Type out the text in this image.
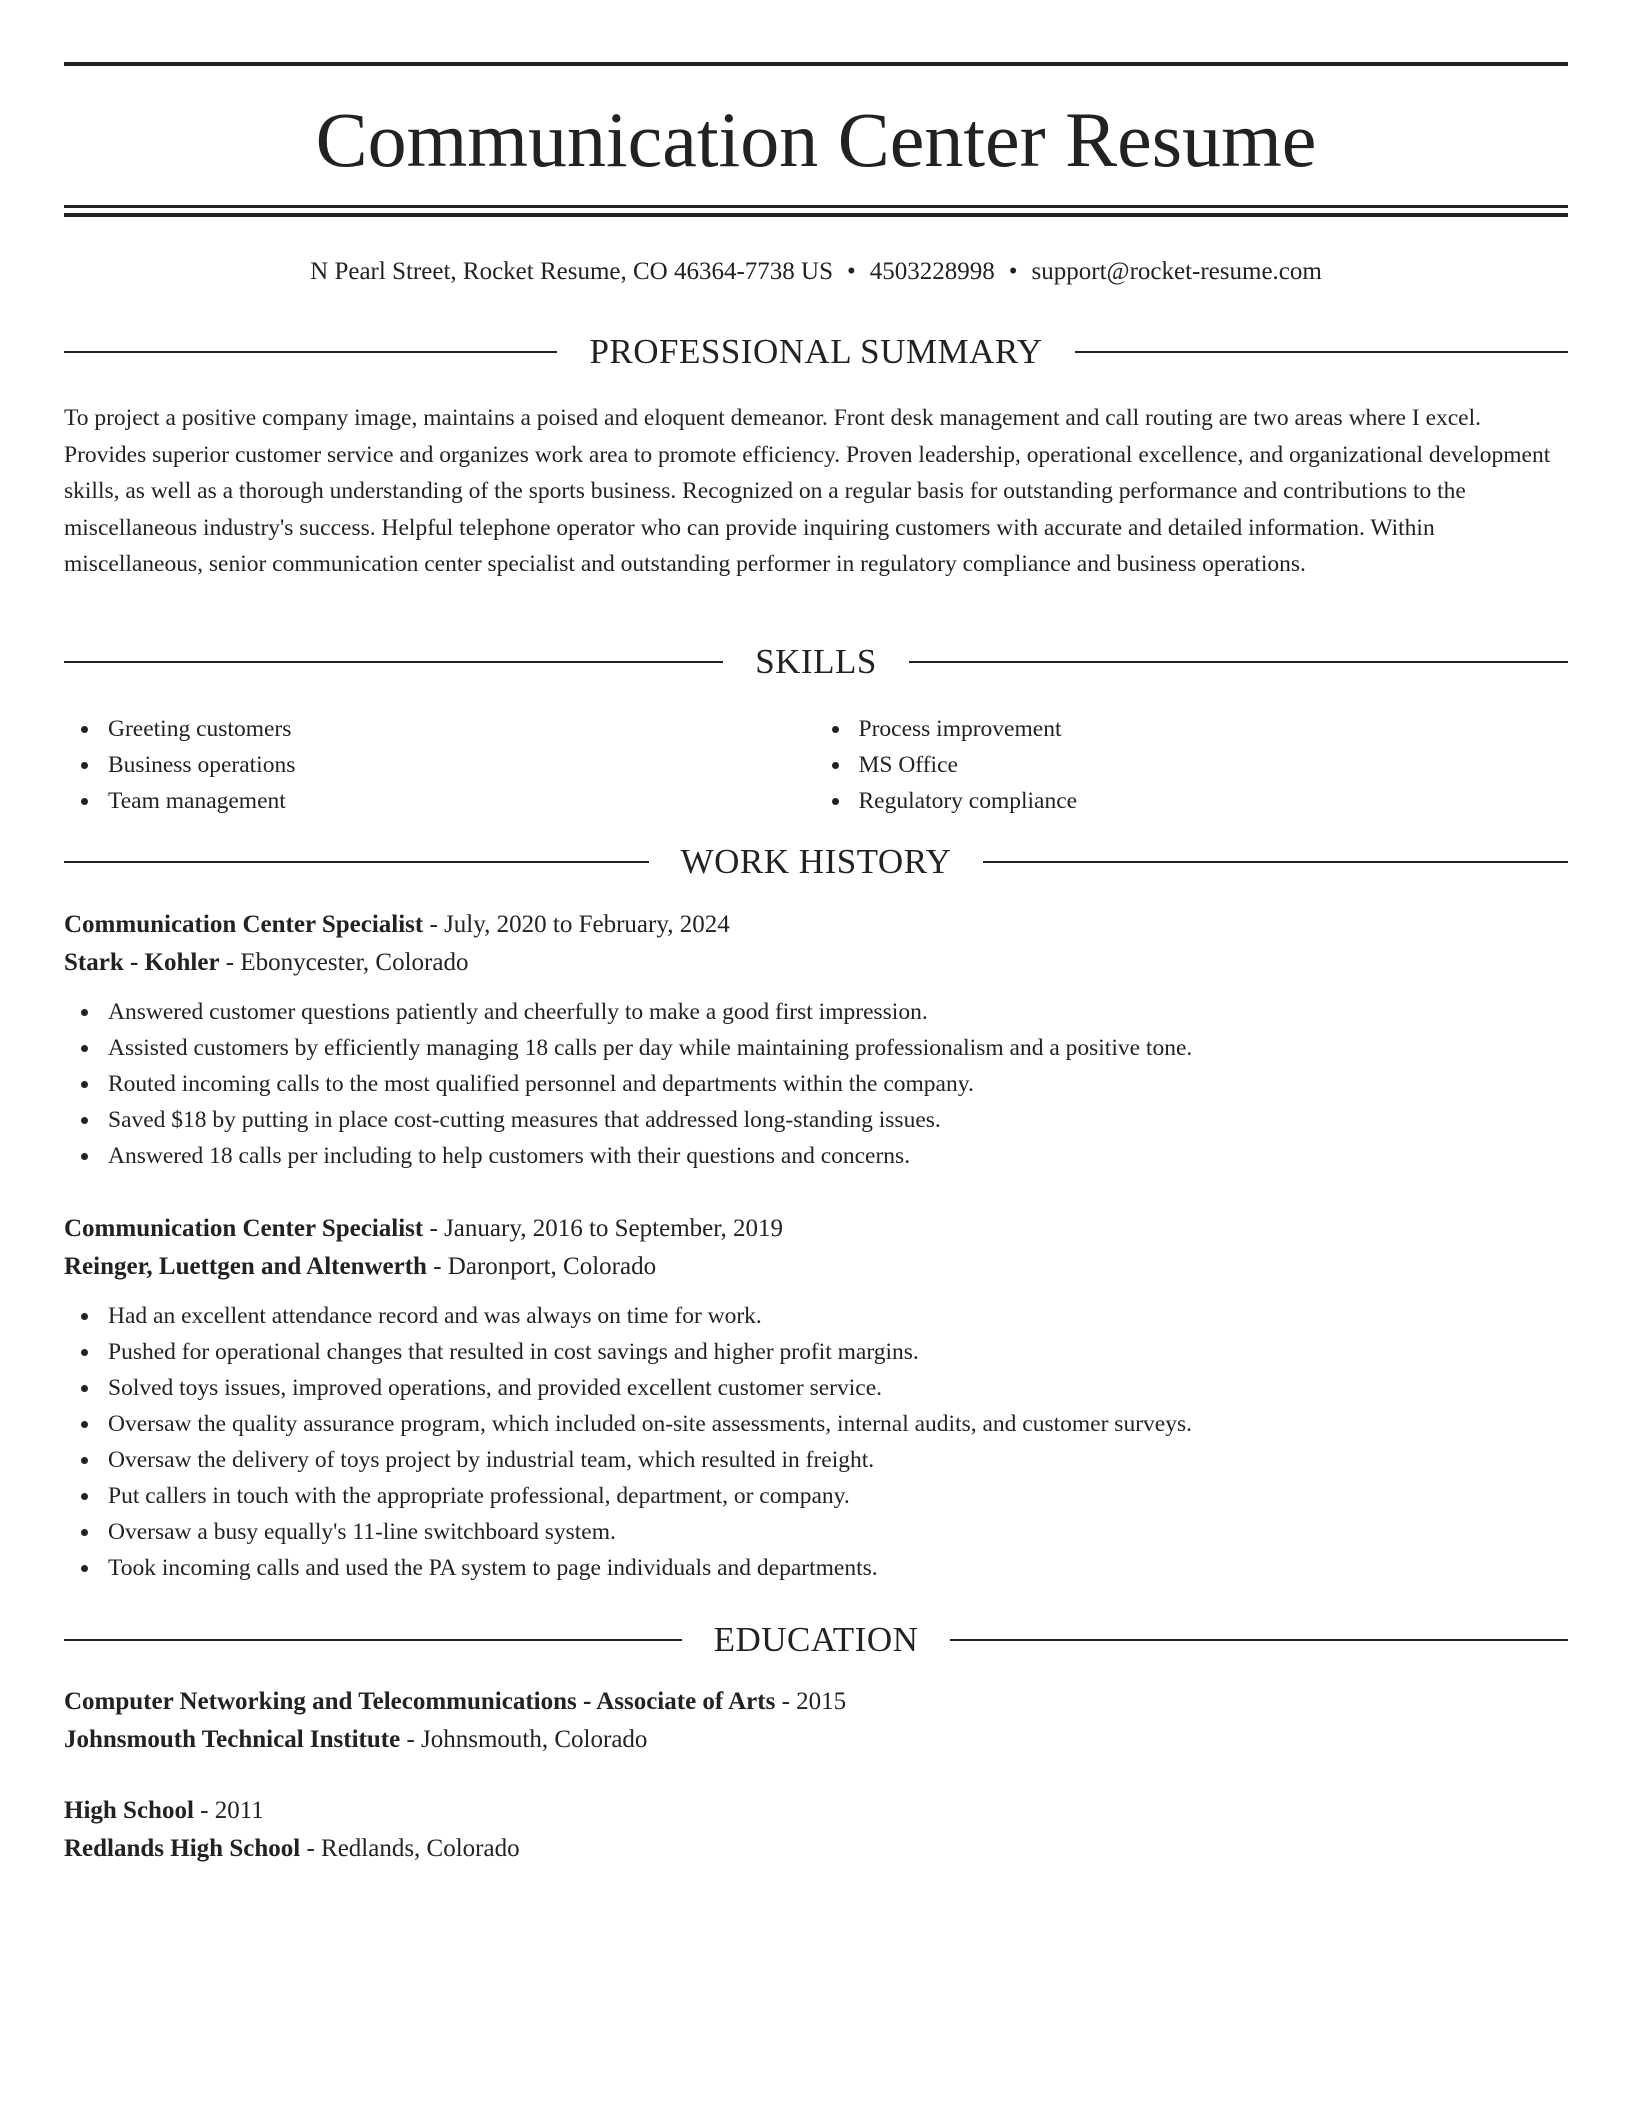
Communication Center Resume
N Pearl Street, Rocket Resume, CO 46364-7738 US • 4503228998 • support@rocket-resume.com
PROFESSIONAL SUMMARY

To project a positive company image, maintains a poised and eloquent demeanor. Front desk management and call routing are two areas where I excel. Provides superior customer service and organizes work area to promote efficiency. Proven leadership, operational excellence, and organizational development skills, as well as a thorough understanding of the sports business. Recognized on a regular basis for outstanding performance and contributions to the miscellaneous industry's success. Helpful telephone operator who can provide inquiring customers with accurate and detailed information. Within miscellaneous, senior communication center specialist and outstanding performer in regulatory compliance and business operations.

SKILLS
Greeting customers
Business operations
Team management
Process improvement
MS Office
Regulatory compliance
WORK HISTORY
Communication Center Specialist - July, 2020 to February, 2024
Stark - Kohler - Ebonycester, Colorado
Answered customer questions patiently and cheerfully to make a good first impression.
Assisted customers by efficiently managing 18 calls per day while maintaining professionalism and a positive tone.
Routed incoming calls to the most qualified personnel and departments within the company.
Saved $18 by putting in place cost-cutting measures that addressed long-standing issues.
Answered 18 calls per including to help customers with their questions and concerns.
Communication Center Specialist - January, 2016 to September, 2019
Reinger, Luettgen and Altenwerth - Daronport, Colorado
Had an excellent attendance record and was always on time for work.
Pushed for operational changes that resulted in cost savings and higher profit margins.
Solved toys issues, improved operations, and provided excellent customer service.
Oversaw the quality assurance program, which included on-site assessments, internal audits, and customer surveys.
Oversaw the delivery of toys project by industrial team, which resulted in freight.
Put callers in touch with the appropriate professional, department, or company.
Oversaw a busy equally's 11-line switchboard system.
Took incoming calls and used the PA system to page individuals and departments.
EDUCATION
Computer Networking and Telecommunications - Associate of Arts - 2015
Johnsmouth Technical Institute - Johnsmouth, Colorado
High School - 2011
Redlands High School - Redlands, Colorado
